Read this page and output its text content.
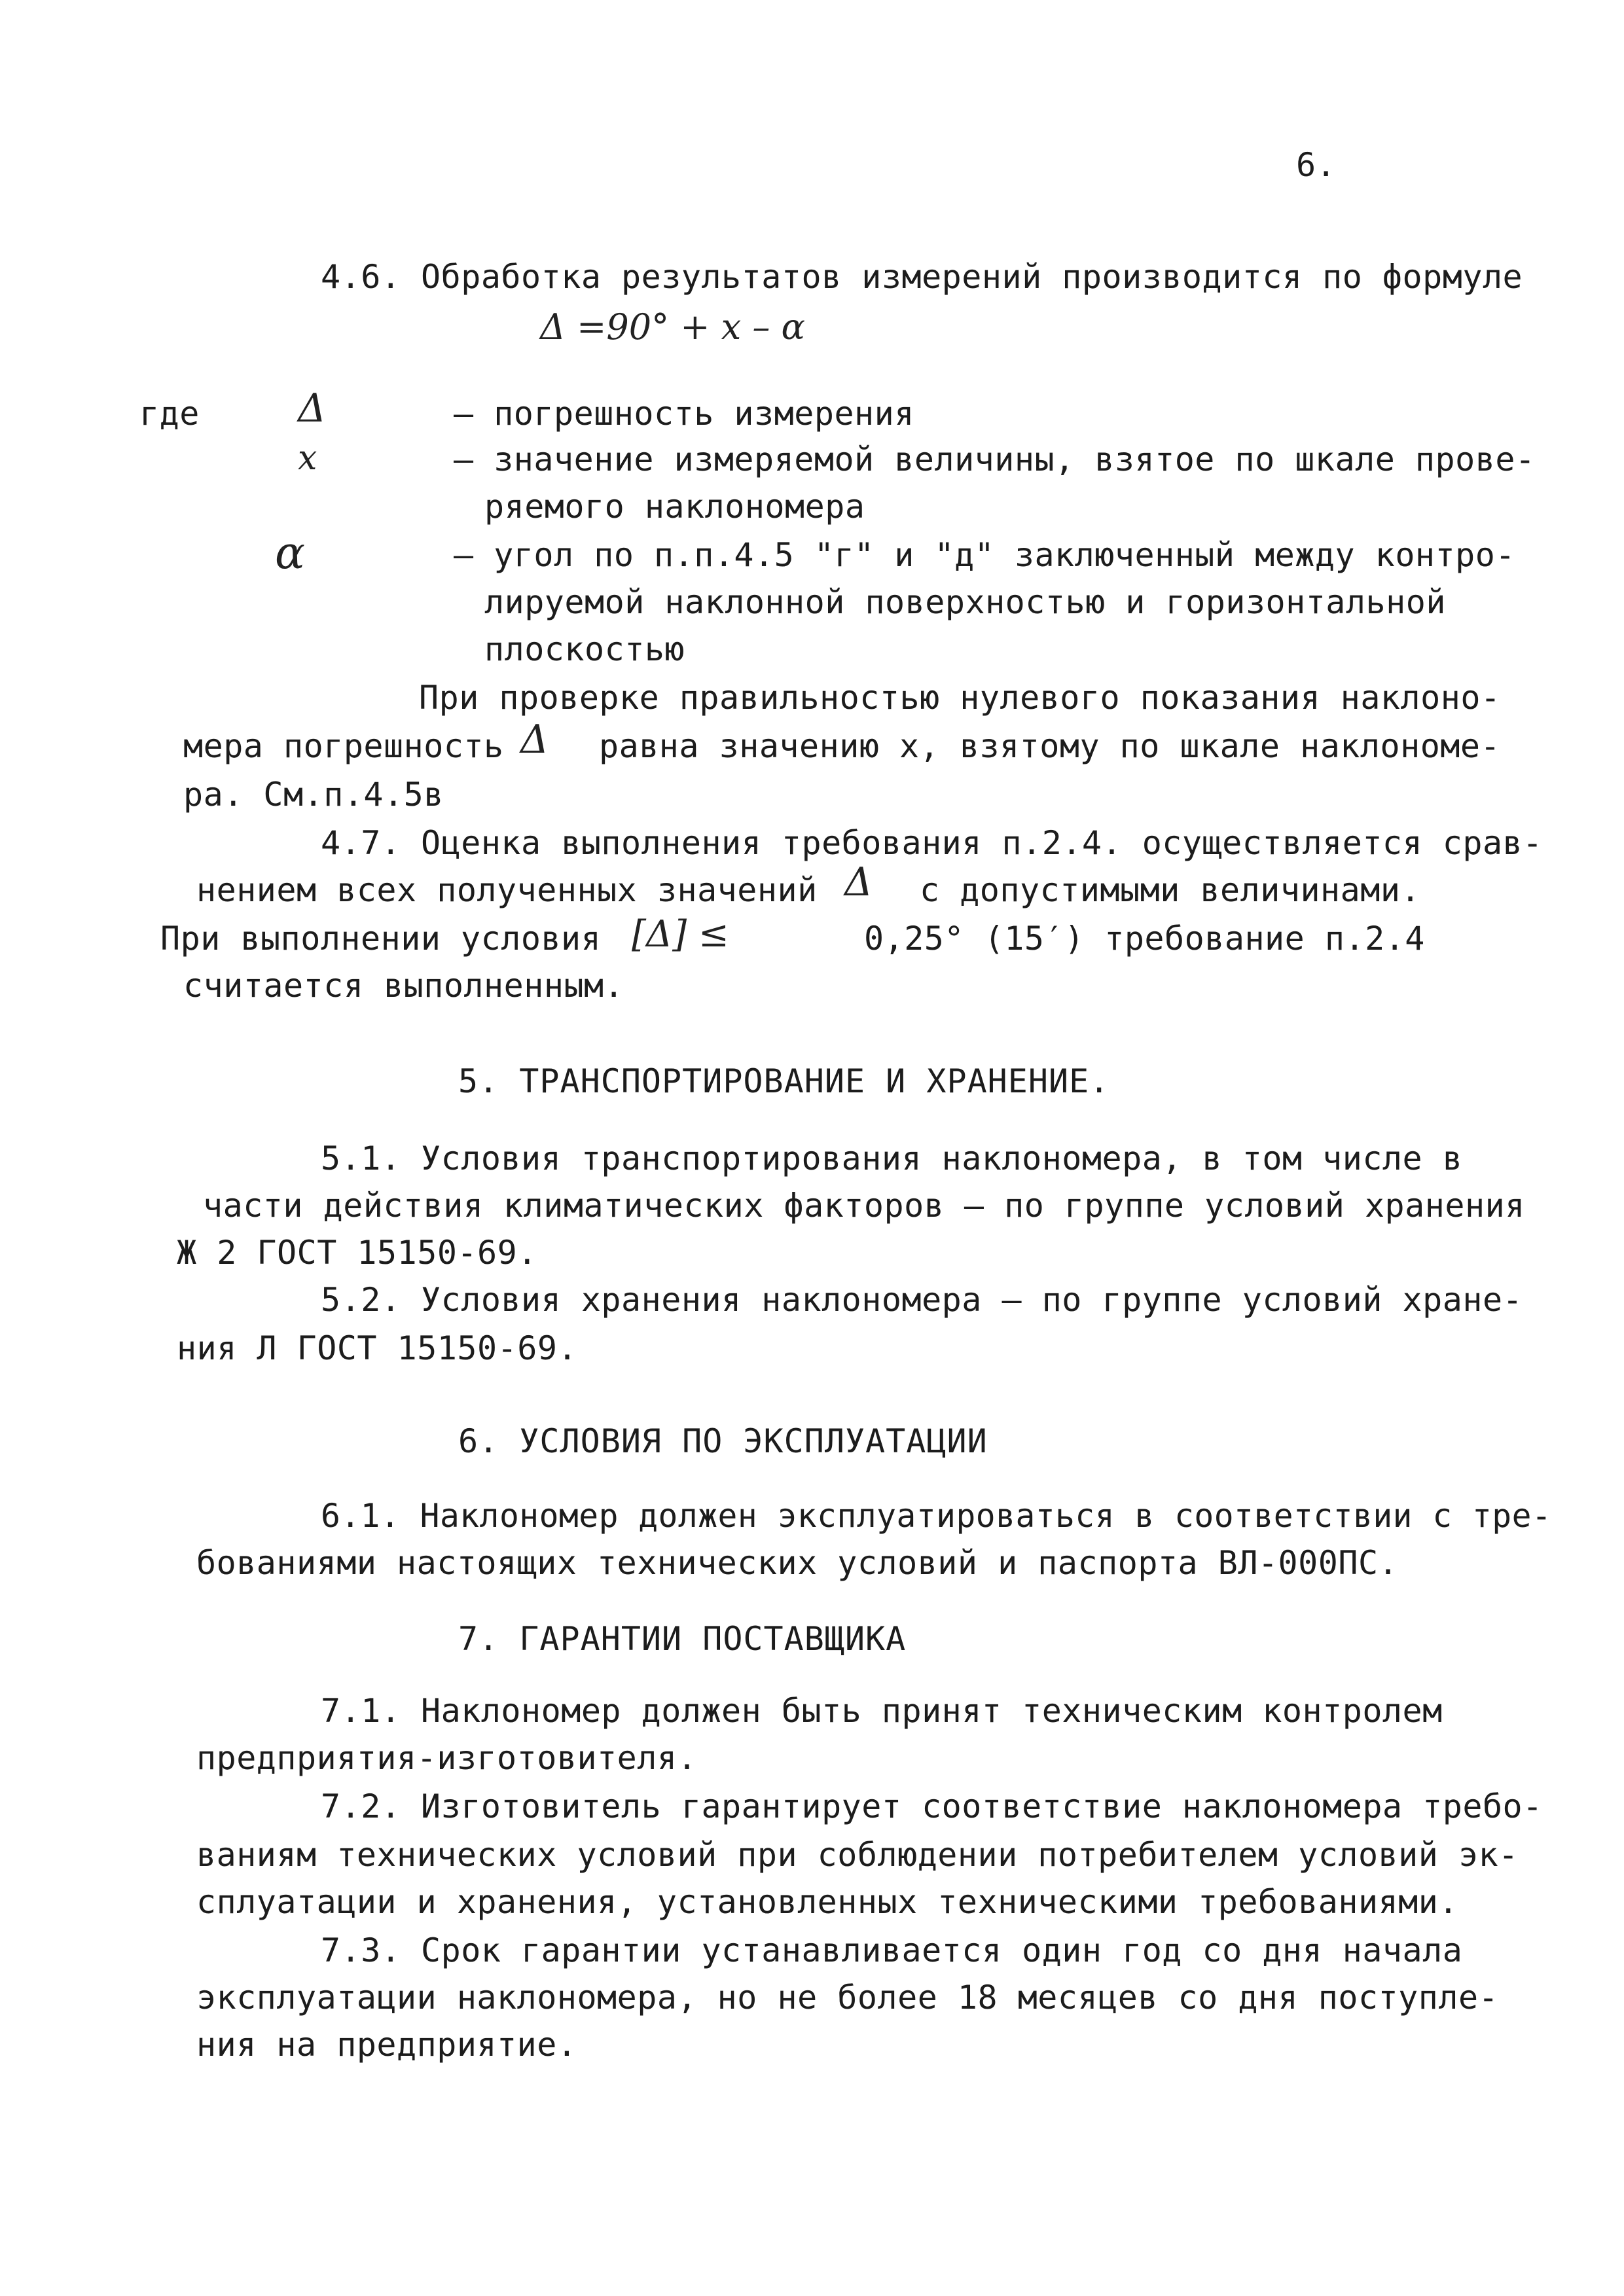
6.
4.6. Обработка результатов измерений производится по формуле
Δ =90° + x – α
где	Δ	– погрешность измерения
x	– значение измеряемой величины, взятое по шкале прове-
ряемого наклономера
α	– угол по п.п.4.5 "г" и "д" заключенный между контро-
лируемой наклонной поверхностью и горизонтальной
плоскостью
При проверке правильностью нулевого показания наклоно-
мера погрешность Δ равна значению х, взятому по шкале наклономе-
ра. См.п.4.5в
4.7. Оценка выполнения требования п.2.4. осуществляется срав-
нением всех полученных значений Δ с допустимыми величинами.
При выполнении условия [Δ] ≤	0,25° (15′) требование п.2.4
считается выполненным.
5. ТРАНСПОРТИРОВАНИЕ И ХРАНЕНИЕ.
5.1. Условия транспортирования наклономера, в том числе в
части действия климатических факторов – по группе условий хранения
Ж 2 ГОСТ 15150-69.
5.2. Условия хранения наклономера – по группе условий хране-
ния Л ГОСТ 15150-69.
6. УСЛОВИЯ ПО ЭКСПЛУАТАЦИИ
6.1. Наклономер должен эксплуатироваться в соответствии с тре-
бованиями настоящих технических условий и паспорта ВЛ-000ПС.
7. ГАРАНТИИ ПОСТАВЩИКА
7.1. Наклономер должен быть принят техническим контролем
предприятия-изготовителя.
7.2. Изготовитель гарантирует соответствие наклономера требо-
ваниям технических условий при соблюдении потребителем условий эк-
сплуатации и хранения, установленных техническими требованиями.
7.3. Срок гарантии устанавливается один год со дня начала
эксплуатации наклономера, но не более 18 месяцев со дня поступле-
ния на предприятие.
